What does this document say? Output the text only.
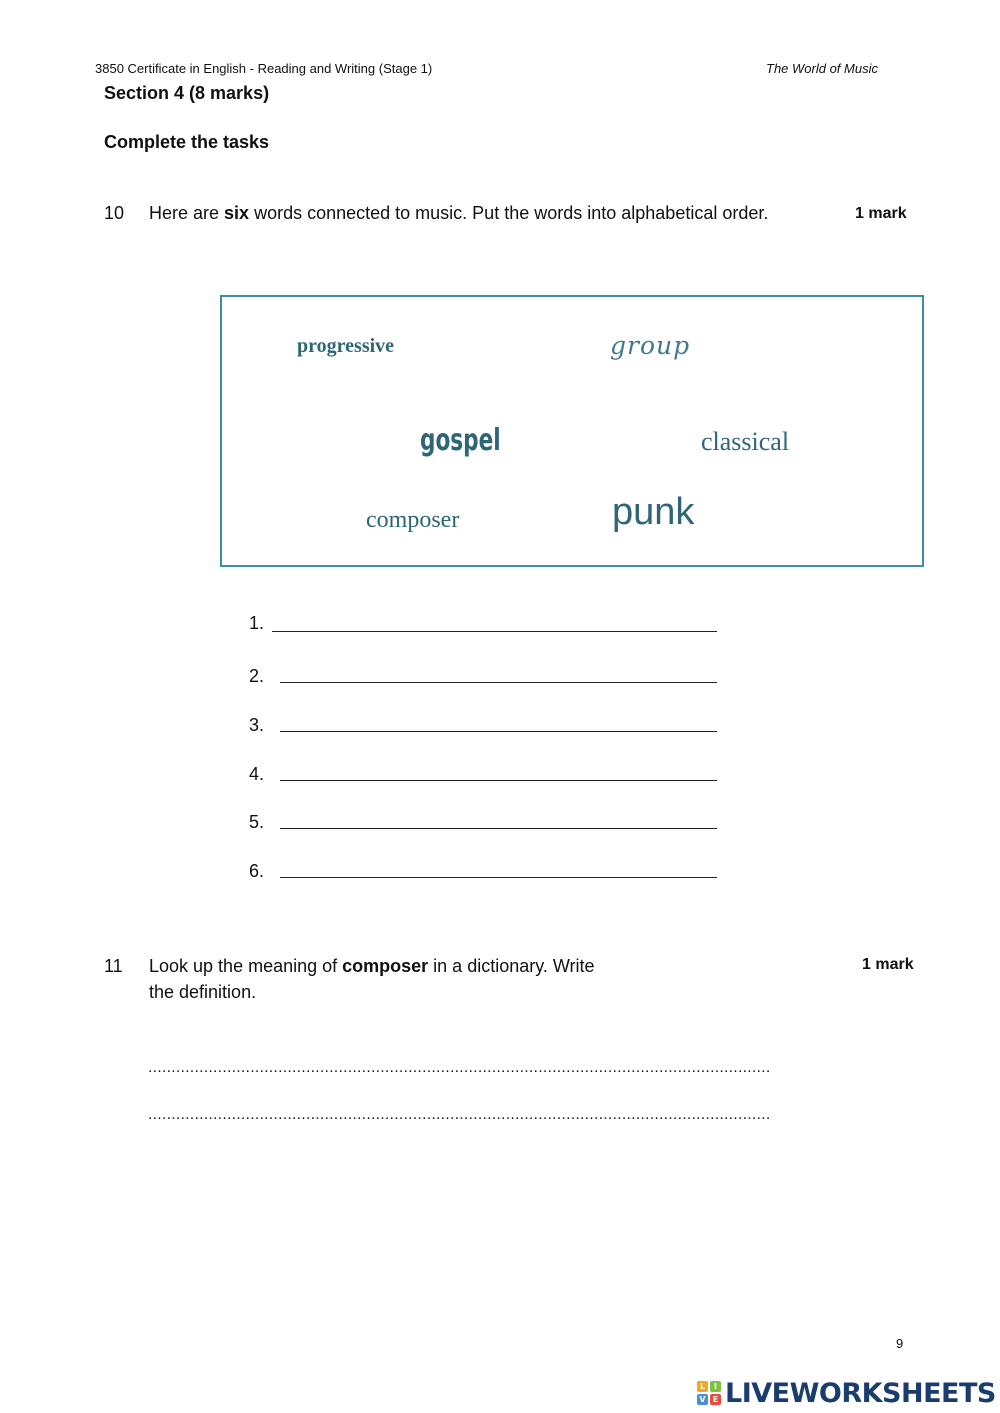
3850 Certificate in English - Reading and Writing (Stage 1)	The World of Music
Section 4 (8 marks)
Complete the tasks
10 Here are six words connected to music. Put the words into alphabetical order.	1 mark
progressive	group
gospel	classical
composer	punk
1.
2.
3.
4.
5.
6.
11 Look up the meaning of composer in a dictionary. Write
the definition.
1 mark
......................................................................................................................................
......................................................................................................................................
9
L	I
V E LIVEWORKSHEETS
